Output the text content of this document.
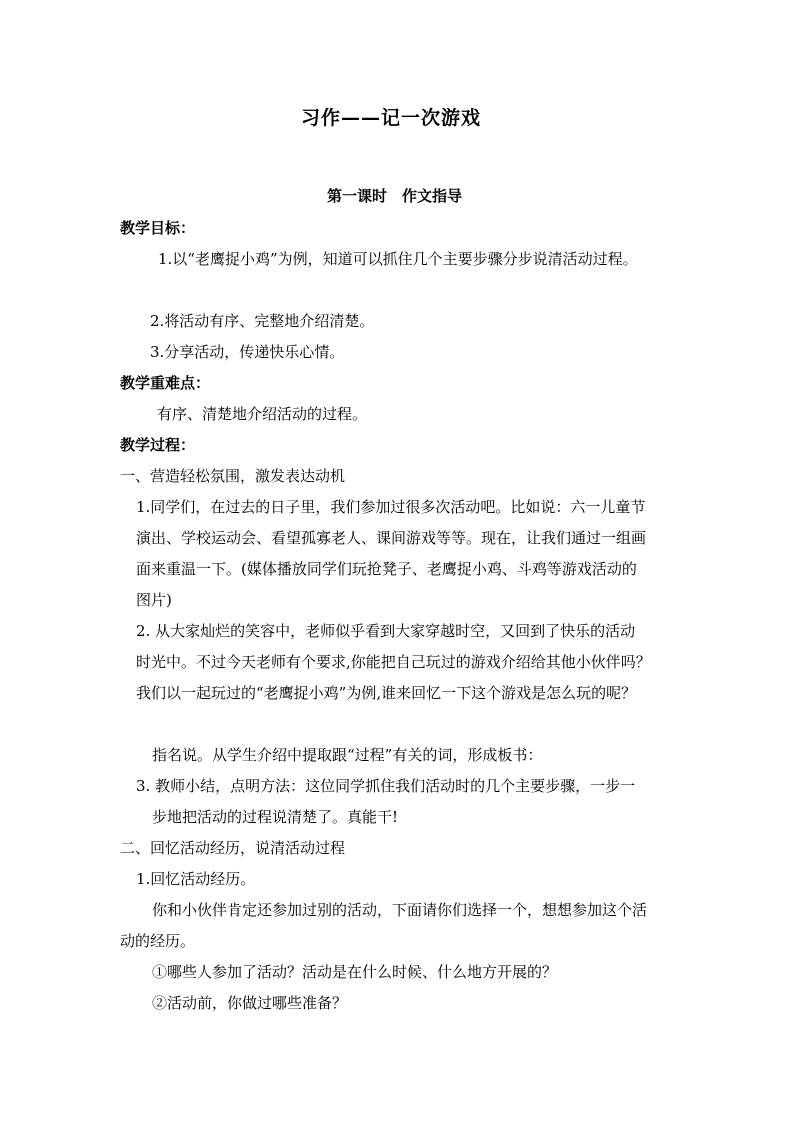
习作——记一次游戏
第一课时　作文指导
教学目标：
1.以“老鹰捉小鸡”为例，知道可以抓住几个主要步骤分步说清活动过程。
2.将活动有序、完整地介绍清楚。
3.分享活动，传递快乐心情。
教学重难点：
有序、清楚地介绍活动的过程。
教学过程：
一、营造轻松氛围，激发表达动机
1.同学们，在过去的日子里，我们参加过很多次活动吧。比如说：六一儿童节
演出、学校运动会、看望孤寡老人、课间游戏等等。现在，让我们通过一组画
面来重温一下。(媒体播放同学们玩抢凳子、老鹰捉小鸡、斗鸡等游戏活动的
图片)
2. 从大家灿烂的笑容中，老师似乎看到大家穿越时空，又回到了快乐的活动
时光中。不过今天老师有个要求,你能把自己玩过的游戏介绍给其他小伙伴吗？
我们以一起玩过的“老鹰捉小鸡”为例,谁来回忆一下这个游戏是怎么玩的呢？
指名说。从学生介绍中提取跟“过程”有关的词，形成板书：
3. 教师小结，点明方法：这位同学抓住我们活动时的几个主要步骤，一步一
步地把活动的过程说清楚了。真能干!
二、回忆活动经历，说清活动过程
1.回忆活动经历。
你和小伙伴肯定还参加过别的活动，下面请你们选择一个，想想参加这个活
动的经历。
①哪些人参加了活动？活动是在什么时候、什么地方开展的？
②活动前，你做过哪些准备？
